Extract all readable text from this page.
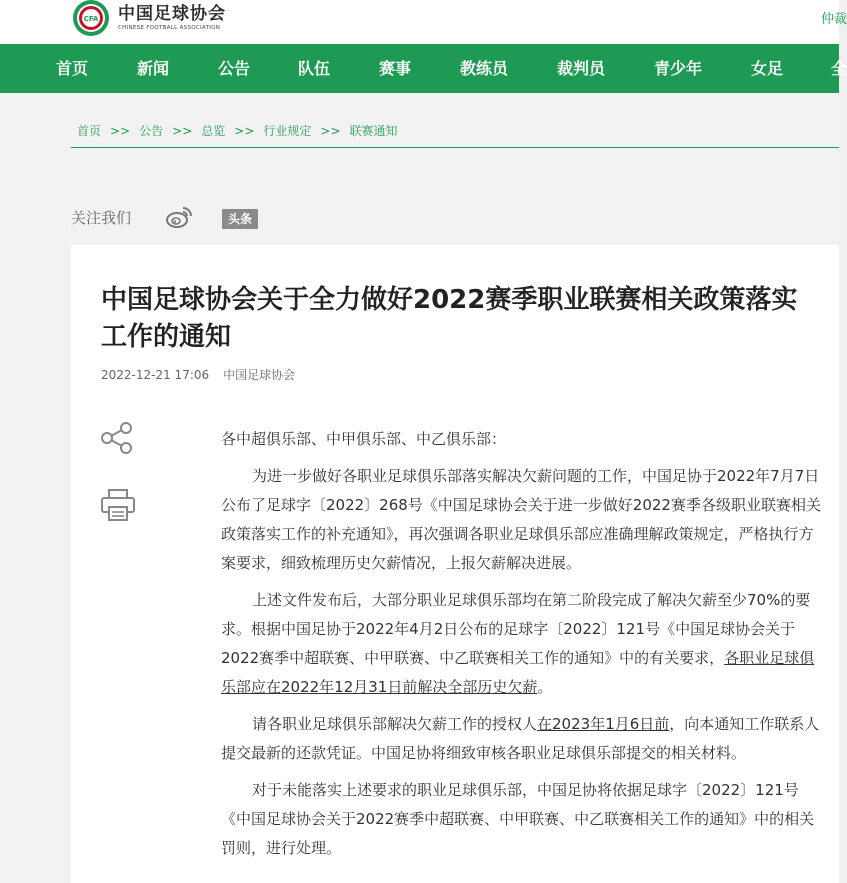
CFA 中国足球协会
CHINESE FOOTBALL ASSOCIATION
仲裁
首页	新闻	公告	队伍	赛事	教练员	裁判员	青少年	女足	全
首页 >> 公告 >> 总览 >> 行业规定 >> 联赛通知
关注我们	头条
中国足球协会关于全力做好2022赛季职业联赛相关政策落实工作的通知
2022-12-21 17:06 中国足球协会

各中超俱乐部、中甲俱乐部、中乙俱乐部：

为进一步做好各职业足球俱乐部落实解决欠薪问题的工作，中国足协于2022年7月7日公布了足球字〔2022〕268号《中国足球协会关于进一步做好2022赛季各级职业联赛相关政策落实工作的补充通知》，再次强调各职业足球俱乐部应准确理解政策规定，严格执行方案要求，细致梳理历史欠薪情况，上报欠薪解决进展。

上述文件发布后，大部分职业足球俱乐部均在第二阶段完成了解决欠薪至少70%的要求。根据中国足协于2022年4月2日公布的足球字〔2022〕121号《中国足球协会关于2022赛季中超联赛、中甲联赛、中乙联赛相关工作的通知》中的有关要求，各职业足球俱乐部应在2022年12月31日前解决全部历史欠薪。

请各职业足球俱乐部解决欠薪工作的授权人在2023年1月6日前，向本通知工作联系人提交最新的还款凭证。中国足协将细致审核各职业足球俱乐部提交的相关材料。

对于未能落实上述要求的职业足球俱乐部，中国足协将依据足球字〔2022〕121号《中国足球协会关于2022赛季中超联赛、中甲联赛、中乙联赛相关工作的通知》中的相关罚则，进行处理。
